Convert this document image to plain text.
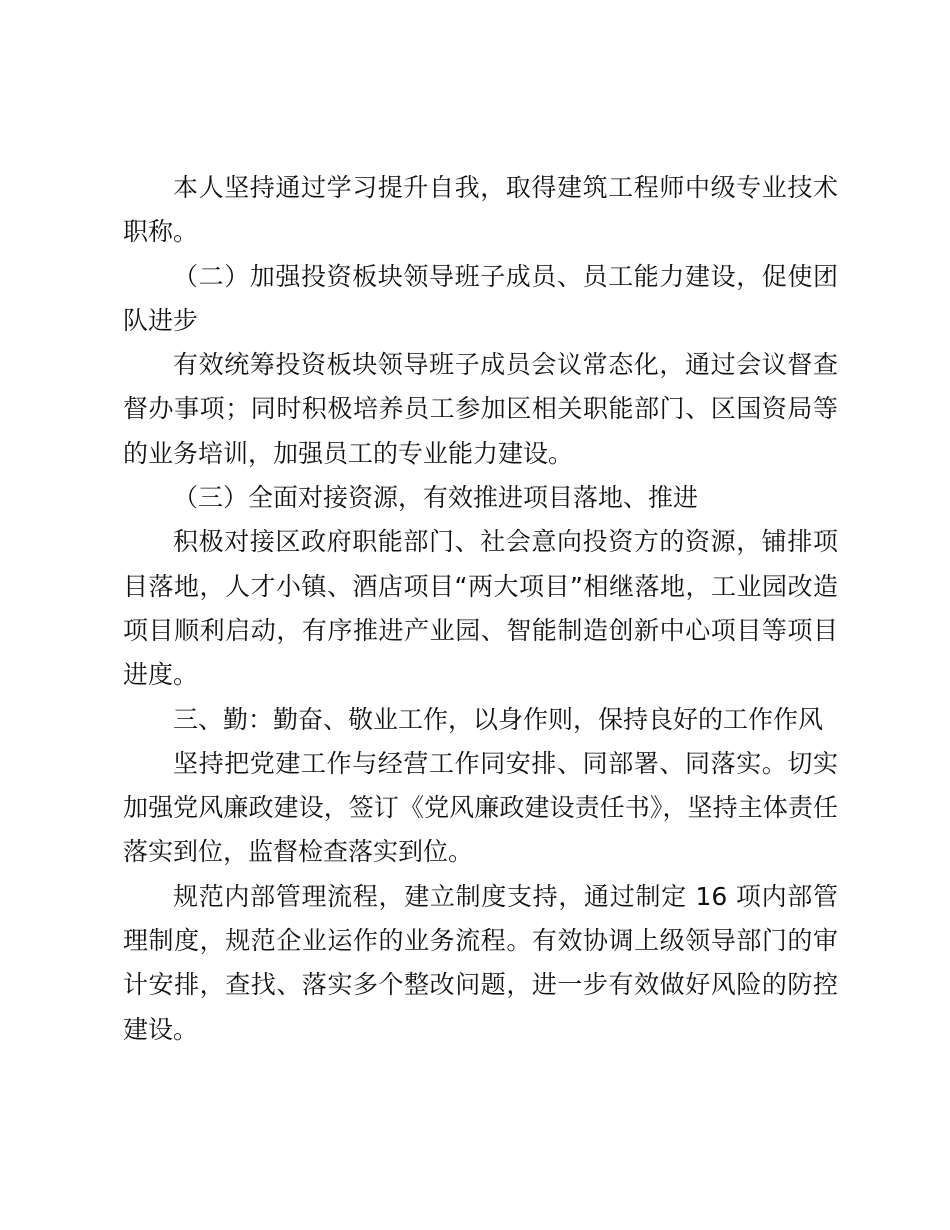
本人坚持通过学习提升自我，取得建筑工程师中级专业技术职称。

（二）加强投资板块领导班子成员、员工能力建设，促使团队进步

有效统筹投资板块领导班子成员会议常态化，通过会议督查督办事项；同时积极培养员工参加区相关职能部门、区国资局等的业务培训，加强员工的专业能力建设。

（三）全面对接资源，有效推进项目落地、推进

积极对接区政府职能部门、社会意向投资方的资源，铺排项目落地，人才小镇、酒店项目“两大项目”相继落地，工业园改造项目顺利启动，有序推进产业园、智能制造创新中心项目等项目进度。

三、勤：勤奋、敬业工作，以身作则，保持良好的工作作风

坚持把党建工作与经营工作同安排、同部署、同落实。切实加强党风廉政建设，签订《党风廉政建设责任书》，坚持主体责任落实到位，监督检查落实到位。

规范内部管理流程，建立制度支持，通过制定 16 项内部管理制度，规范企业运作的业务流程。有效协调上级领导部门的审计安排，查找、落实多个整改问题，进一步有效做好风险的防控建设。
